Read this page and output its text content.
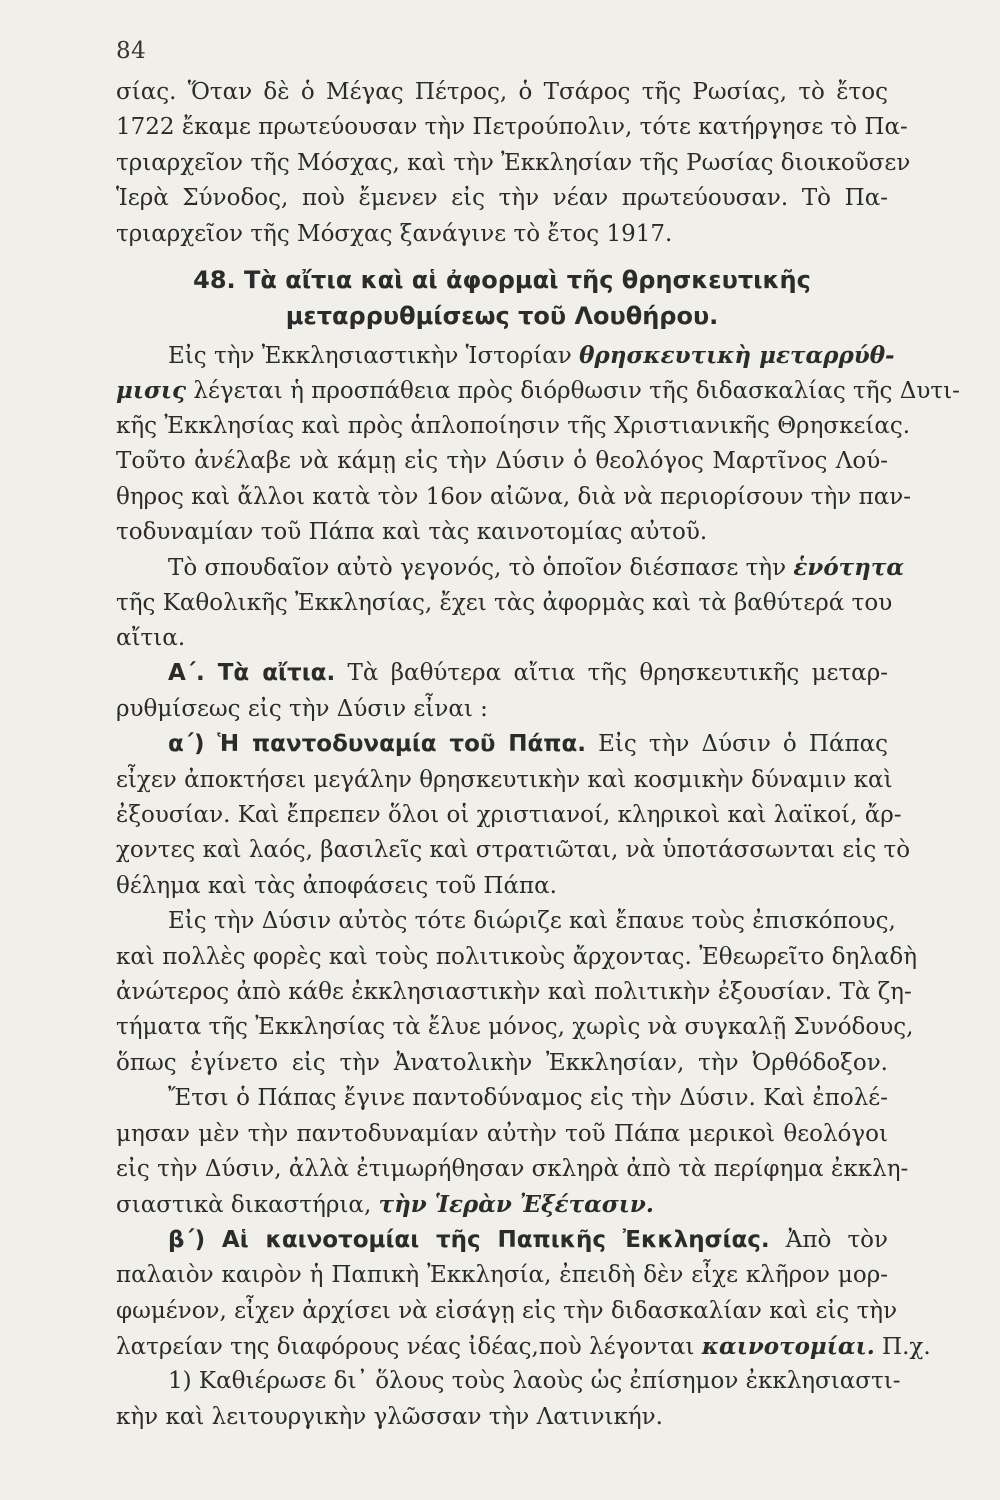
84
σίας. Ὅταν δὲ ὁ Μέγας Πέτρος, ὁ Τσάρος τῆς Ρωσίας, τὸ ἔτος
1722 ἔκαμε πρωτεύουσαν τὴν Πετρούπολιν, τότε κατήργησε τὸ Πα-
τριαρχεῖον τῆς Μόσχας, καὶ τὴν Ἐκκλησίαν τῆς Ρωσίας διοικοῦσεν
Ἱερὰ Σύνοδος, ποὺ ἔμενεν εἰς τὴν νέαν πρωτεύουσαν. Τὸ Πα-
τριαρχεῖον τῆς Μόσχας ξανάγινε τὸ ἔτος 1917.
48. Τὰ αἴτια καὶ αἱ ἀφορμαὶ τῆς θρησκευτικῆς
μεταρρυθμίσεως τοῦ Λουθήρου.
Εἰς τὴν Ἐκκλησιαστικὴν Ἱστορίαν θρησκευτικὴ μεταρρύθ-
μισις λέγεται ἡ προσπάθεια πρὸς διόρθωσιν τῆς διδασκαλίας τῆς Δυτι-
κῆς Ἐκκλησίας καὶ πρὸς ἁπλοποίησιν τῆς Χριστιανικῆς Θρησκείας.
Τοῦτο ἀνέλαβε νὰ κάμῃ εἰς τὴν Δύσιν ὁ θεολόγος Μαρτῖνος Λού-
θηρος καὶ ἄλλοι κατὰ τὸν 16ον αἰῶνα, διὰ νὰ περιορίσουν τὴν παν-
τοδυναμίαν τοῦ Πάπα καὶ τὰς καινοτομίας αὐτοῦ.
Τὸ σπουδαῖον αὐτὸ γεγονός, τὸ ὁποῖον διέσπασε τὴν ἑνότητα
τῆς Καθολικῆς Ἐκκλησίας, ἔχει τὰς ἀφορμὰς καὶ τὰ βαθύτερά του
αἴτια.
Α΄. Τὰ αἴτια. Τὰ βαθύτερα αἴτια τῆς θρησκευτικῆς μεταρ-
ρυθμίσεως εἰς τὴν Δύσιν εἶναι :
α΄) Ἡ παντοδυναμία τοῦ Πάπα. Εἰς τὴν Δύσιν ὁ Πάπας
εἶχεν ἀποκτήσει μεγάλην θρησκευτικὴν καὶ κοσμικὴν δύναμιν καὶ
ἐξουσίαν. Καὶ ἔπρεπεν ὅλοι οἱ χριστιανοί, κληρικοὶ καὶ λαϊκοί, ἄρ-
χοντες καὶ λαός, βασιλεῖς καὶ στρατιῶται, νὰ ὑποτάσσωνται εἰς τὸ
θέλημα καὶ τὰς ἀποφάσεις τοῦ Πάπα.
Εἰς τὴν Δύσιν αὐτὸς τότε διώριζε καὶ ἔπαυε τοὺς ἐπισκόπους,
καὶ πολλὲς φορὲς καὶ τοὺς πολιτικοὺς ἄρχοντας. Ἐθεωρεῖτο δηλαδὴ
ἀνώτερος ἀπὸ κάθε ἐκκλησιαστικὴν καὶ πολιτικὴν ἐξουσίαν. Τὰ ζη-
τήματα τῆς Ἐκκλησίας τὰ ἔλυε μόνος, χωρὶς νὰ συγκαλῇ Συνόδους,
ὅπως ἐγίνετο εἰς τὴν Ἀνατολικὴν Ἐκκλησίαν, τὴν Ὀρθόδοξον.
Ἔτσι ὁ Πάπας ἔγινε παντοδύναμος εἰς τὴν Δύσιν. Καὶ ἐπολέ-
μησαν μὲν τὴν παντοδυναμίαν αὐτὴν τοῦ Πάπα μερικοὶ θεολόγοι
εἰς τὴν Δύσιν, ἀλλὰ ἐτιμωρήθησαν σκληρὰ ἀπὸ τὰ περίφημα ἐκκλη-
σιαστικὰ δικαστήρια, τὴν Ἱερὰν Ἐξέτασιν.
β΄) Αἱ καινοτομίαι τῆς Παπικῆς Ἐκκλησίας. Ἀπὸ τὸν
παλαιὸν καιρὸν ἡ Παπικὴ Ἐκκλησία, ἐπειδὴ δὲν εἶχε κλῆρον μορ-
φωμένον, εἶχεν ἀρχίσει νὰ εἰσάγῃ εἰς τὴν διδασκαλίαν καὶ εἰς τὴν
λατρείαν της διαφόρους νέας ἰδέας,ποὺ λέγονται καινοτομίαι. Π.χ.
1) Καθιέρωσε δι᾽ ὅλους τοὺς λαοὺς ὡς ἐπίσημον ἐκκλησιαστι-
κὴν καὶ λειτουργικὴν γλῶσσαν τὴν Λατινικήν.
